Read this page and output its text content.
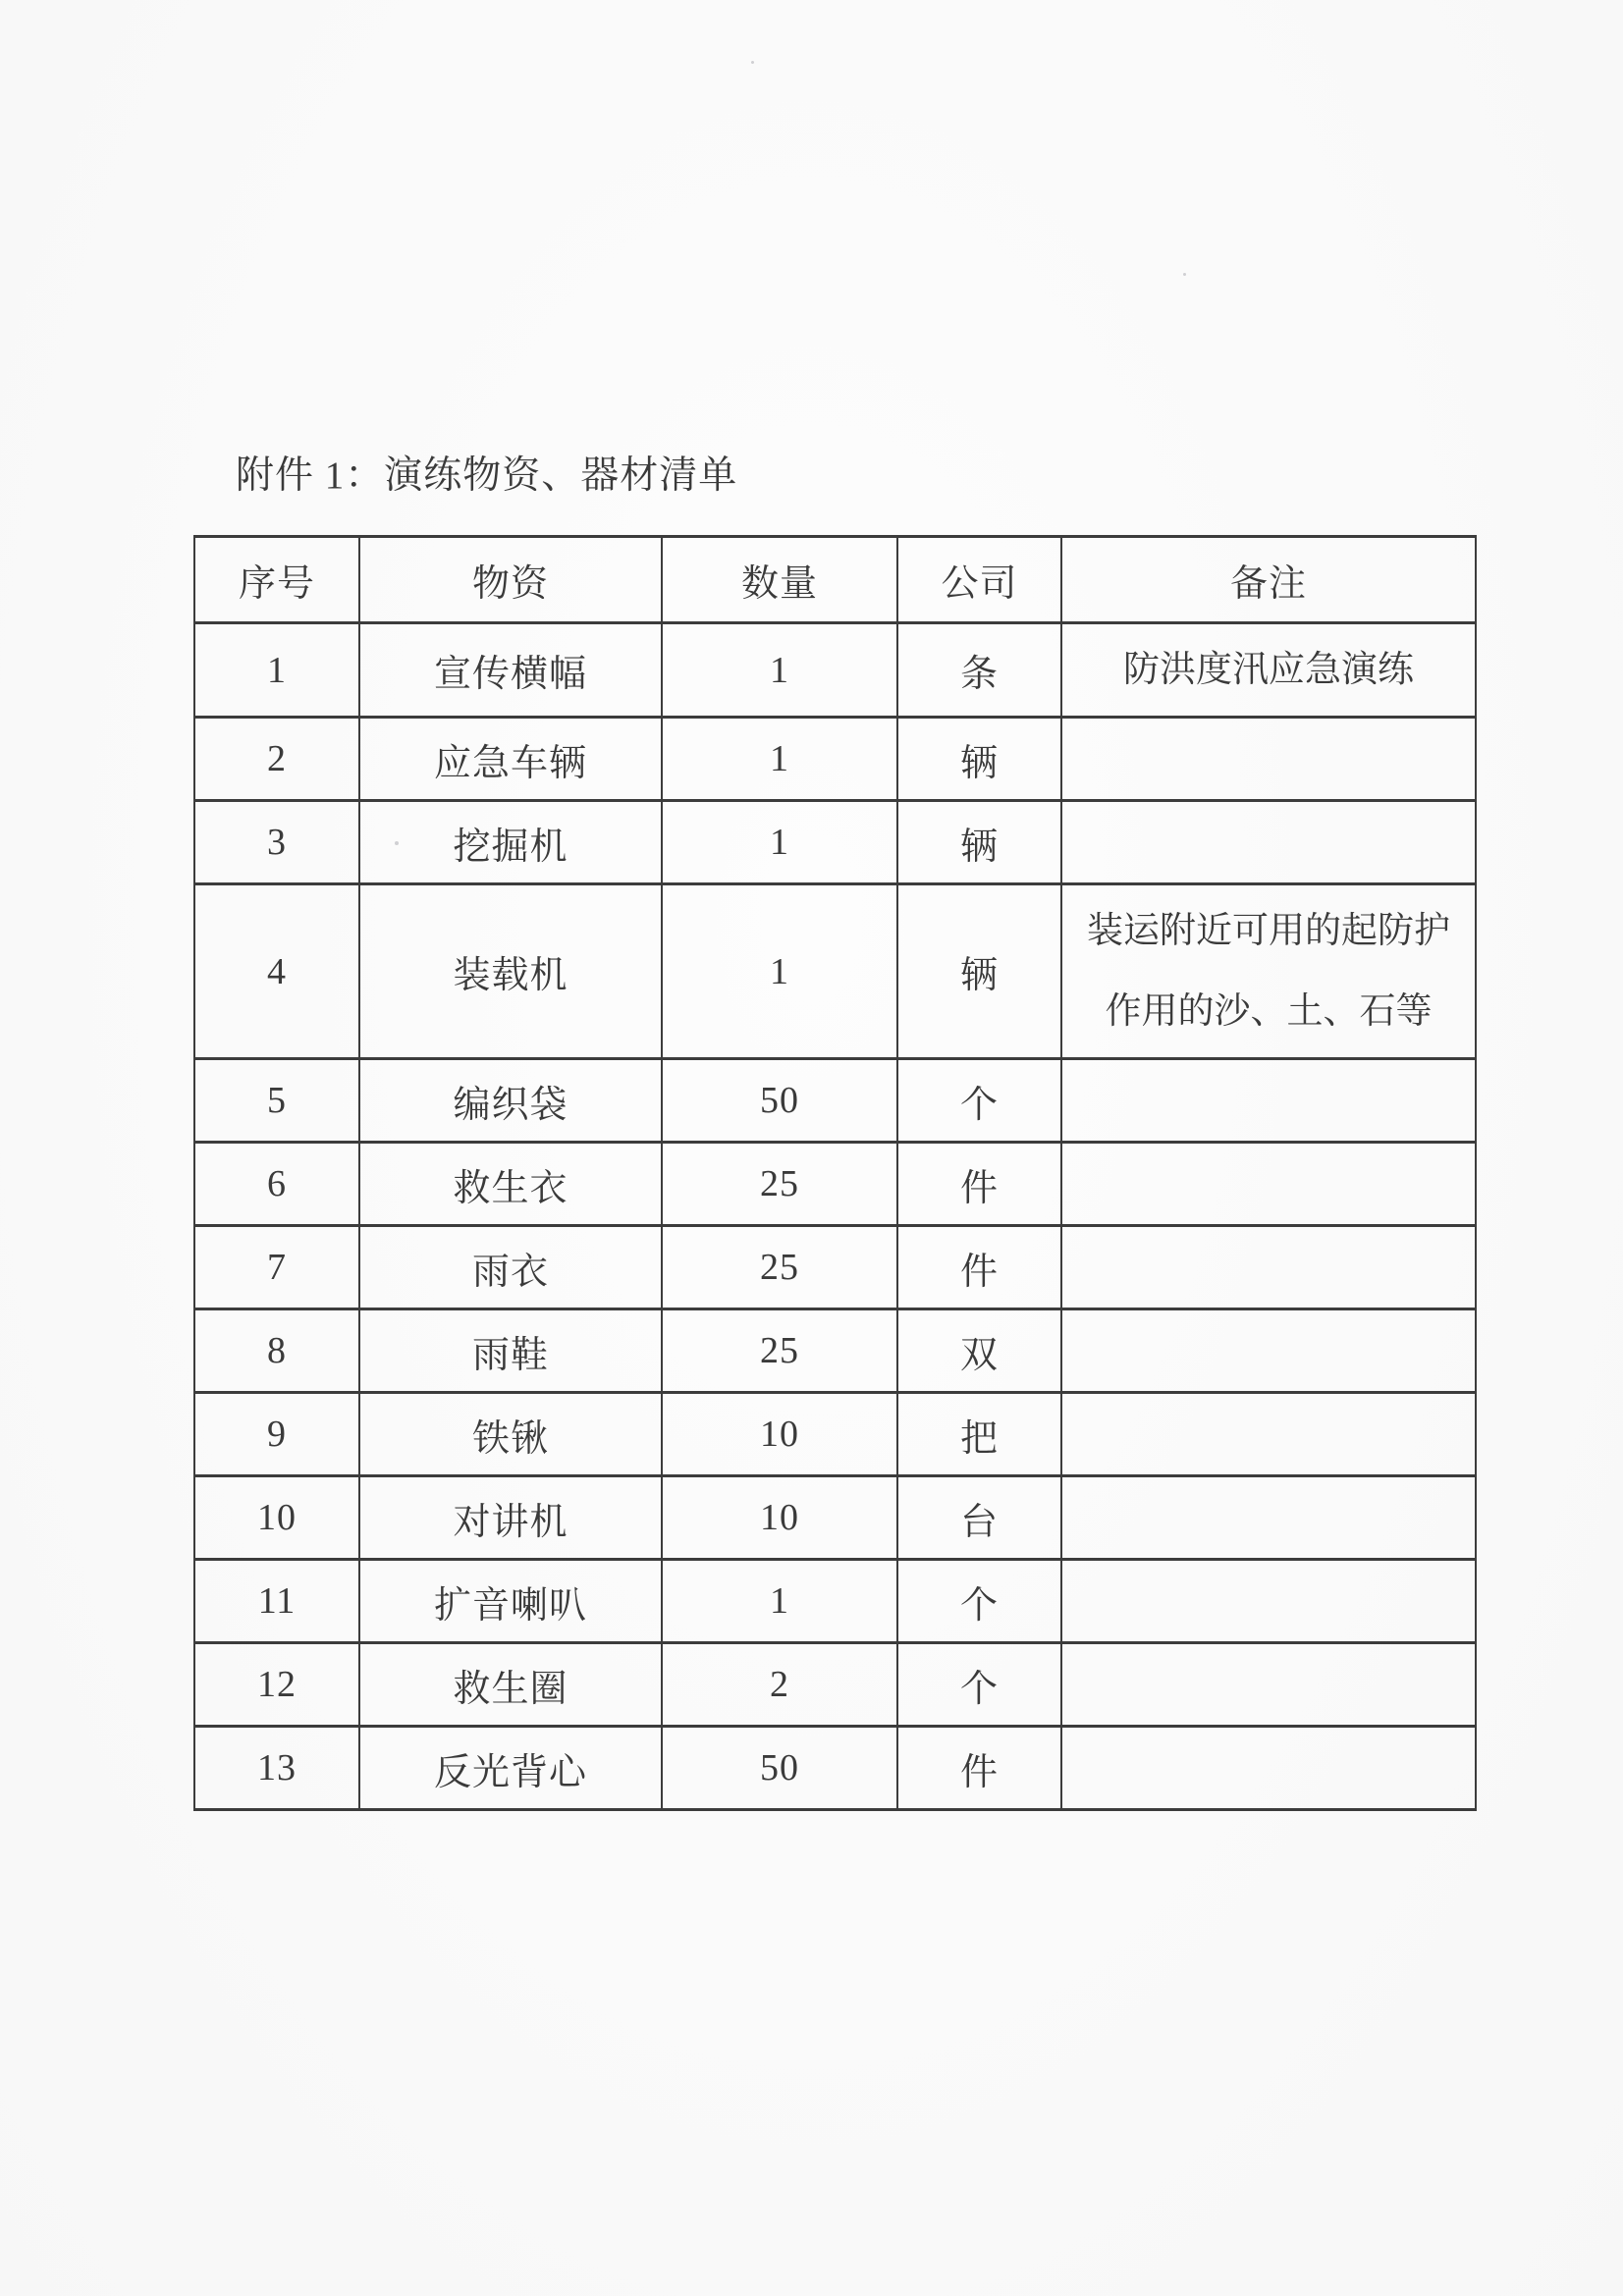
附件 1：演练物资、器材清单
序号	物资	数量	公司	备注
1	宣传横幅	1	条	防洪度汛应急演练
2	应急车辆	1	辆	
3	挖掘机	1	辆	
4	装载机	1	辆	装运附近可用的起防护作用的沙、土、石等
5	编织袋	50	个	
6	救生衣	25	件	
7	雨衣	25	件	
8	雨鞋	25	双	
9	铁锹	10	把	
10	对讲机	10	台	
11	扩音喇叭	1	个	
12	救生圈	2	个	
13	反光背心	50	件	
